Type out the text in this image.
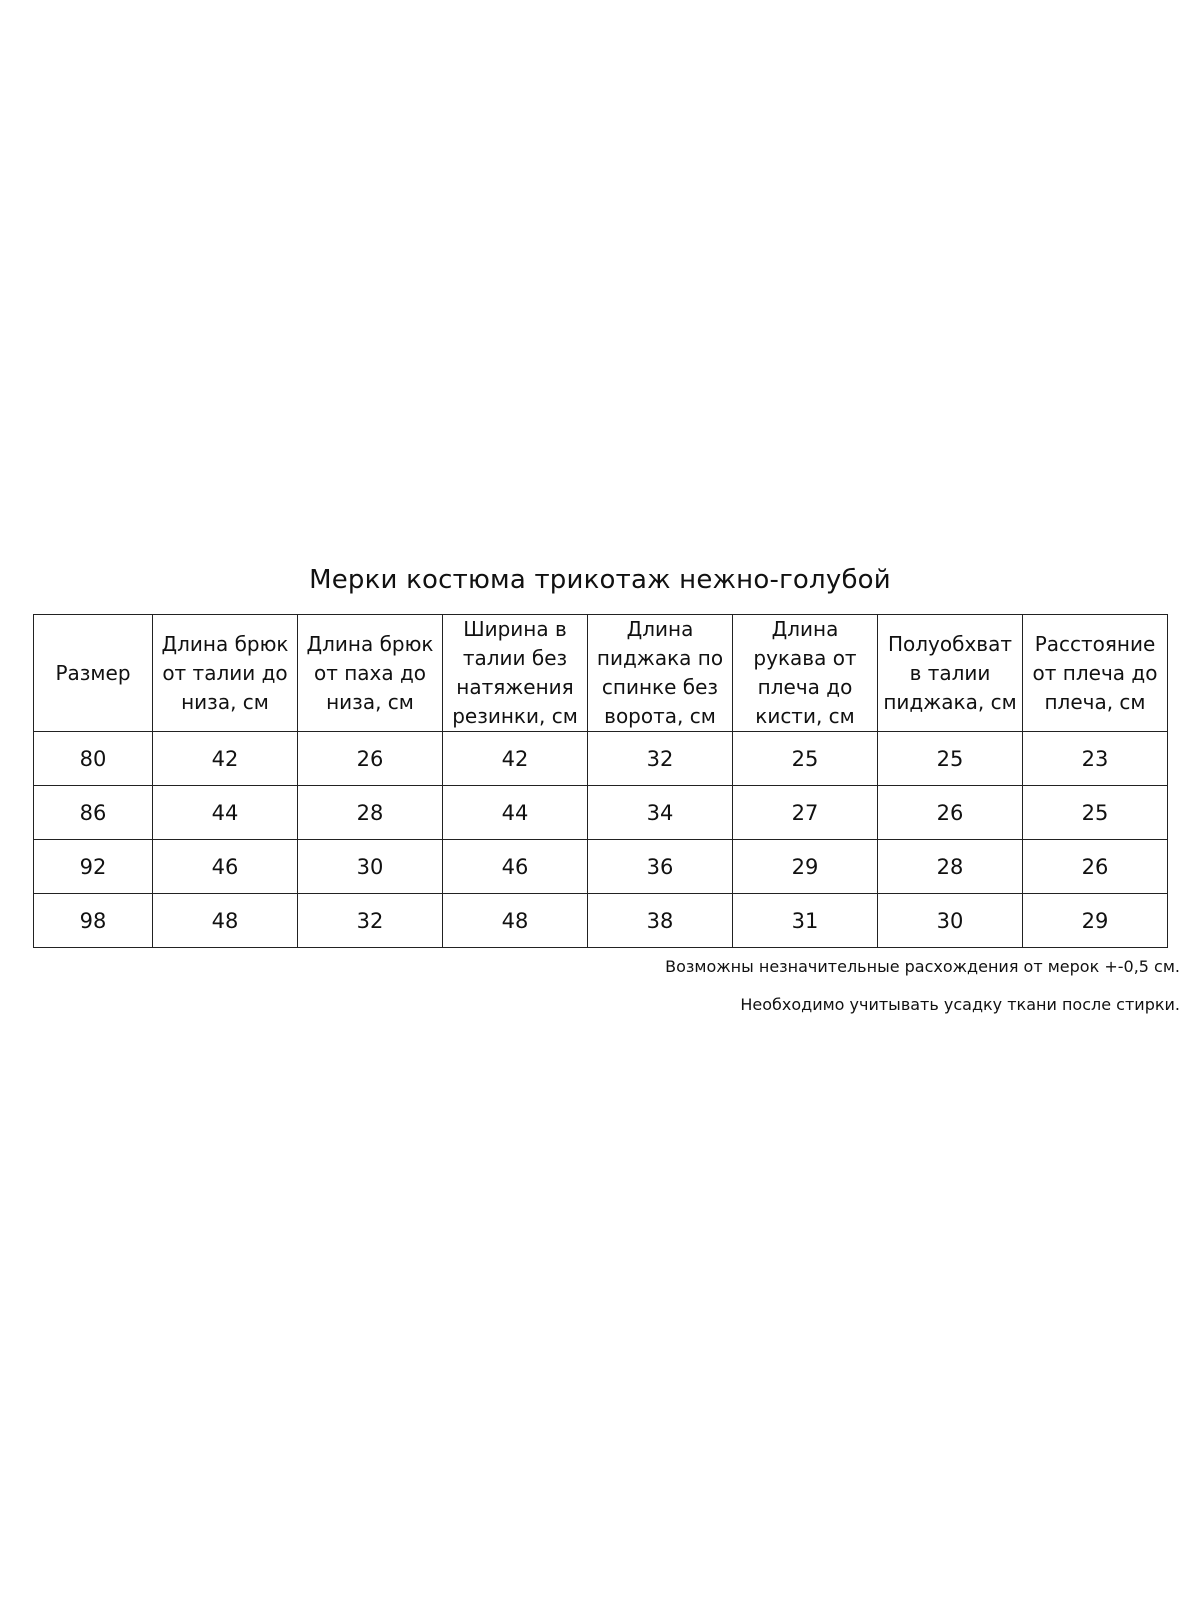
Мерки костюма трикотаж нежно-голубой
Размер	Длина брюк от талии до низа, см	Длина брюк от паха до низа, см	Ширина в талии без натяжения резинки, см	Длина пиджака по спинке без ворота, см	Длина рукава от плеча до кисти, см	Полуобхват в талии пиджака, см	Расстояние от плеча до плеча, см
80	42	26	42	32	25	25	23
86	44	28	44	34	27	26	25
92	46	30	46	36	29	28	26
98	48	32	48	38	31	30	29
Возможны незначительные расхождения от мерок +-0,5 см.
Необходимо учитывать усадку ткани после стирки.
